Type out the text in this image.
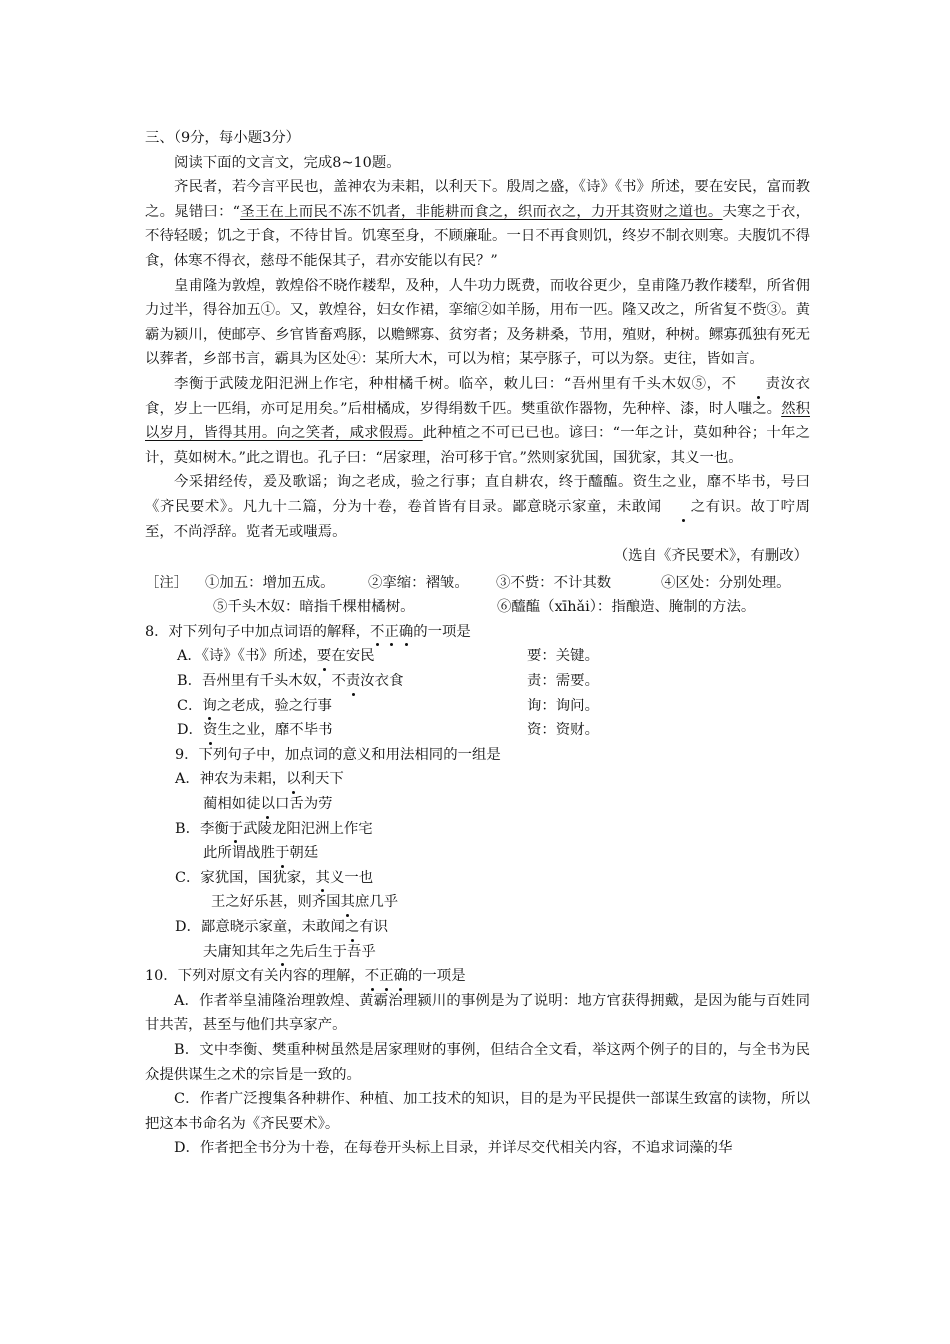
三、（9分，每小题3分）

阅读下面的文言文，完成8~10题。

齐民者，若今言平民也，盖神农为耒耜，以利天下。殷周之盛，《诗》《书》所述，要在安民，富而教之。晁错曰：“圣王在上而民不冻不饥者，非能耕而食之，织而衣之，力开其资财之道也。夫寒之于衣，不待轻暖；饥之于食，不待甘旨。饥寒至身，不顾廉耻。一日不再食则饥，终岁不制衣则寒。夫腹饥不得食，体寒不得衣，慈母不能保其子，君亦安能以有民？”

皇甫隆为敦煌，敦煌俗不晓作耧犁，及种，人牛功力既费，而收谷更少，皇甫隆乃教作耧犁，所省佣力过半，得谷加五①。又，敦煌谷，妇女作裙，挛缩②如羊肠，用布一匹。隆又改之，所省复不赀③。黄霸为颍川，使邮亭、乡官皆畜鸡豚，以赡鳏寡、贫穷者；及务耕桑，节用，殖财，种树。鳏寡孤独有死无以葬者，乡部书言，霸具为区处④：某所大木，可以为棺；某亭豚子，可以为祭。吏往，皆如言。

李衡于武陵龙阳汜洲上作宅，种柑橘千树。临卒，敕儿曰：“吾州里有千头木奴⑤，不 责汝衣食，岁上一匹绢，亦可足用矣。”后柑橘成，岁得绢数千匹。樊重欲作器物，先种梓、漆，时人嗤之。然积以岁月，皆得其用。向之笑者，咸求假焉。此种植之不可已已也。谚曰：“一年之计，莫如种谷；十年之计，莫如树木。”此之谓也。孔子曰：“居家理，治可移于官。”然则家犹国，国犹家，其义一也。

今采捃经传，爰及歌谣；询之老成，验之行事；直自耕农，终于醯醢。资生之业，靡不毕书，号曰《齐民要术》。凡九十二篇，分为十卷，卷首皆有目录。鄙意晓示家童，未敢闻 之有识。故丁咛周至，不尚浮辞。览者无或嗤焉。

（选自《齐民要术》，有删改）

［注］	①加五：增加五成。	②挛缩：褶皱。	③不赀：不计其数	④区处：分别处理。
⑤千头木奴：暗指千棵柑橘树。	⑥醯醢（xīhǎi）：指酿造、腌制的方法。

8．对下列句子中加点词语的解释，不正确的一项是

A．《诗》《书》所述，要在安民	要：关键。
B．吾州里有千头木奴，不责汝衣食	责：需要。
C．询之老成，验之行事	询：询问。
D．资生之业，靡不毕书	资：资财。

9．下列句子中，加点词的意义和用法相同的一组是

A．神农为耒耜，以利天下

蔺相如徒以口舌为劳

B．李衡于武陵龙阳汜洲上作宅

此所谓战胜于朝廷

C．家犹国，国犹家，其义一也

王之好乐甚，则齐国其庶几乎

D．鄙意晓示家童，未敢闻之有识

夫庸知其年之先后生于吾乎

10．下列对原文有关内容的理解，不正确的一项是

A．作者举皇浦隆治理敦煌、黄霸治理颍川的事例是为了说明：地方官获得拥戴，是因为能与百姓同甘共苦，甚至与他们共享家产。

B．文中李衡、樊重种树虽然是居家理财的事例，但结合全文看，举这两个例子的目的，与全书为民众提供谋生之术的宗旨是一致的。

C．作者广泛搜集各种耕作、种植、加工技术的知识，目的是为平民提供一部谋生致富的读物，所以把这本书命名为《齐民要术》。

D．作者把全书分为十卷，在每卷开头标上目录，并详尽交代相关内容，不追求词藻的华
